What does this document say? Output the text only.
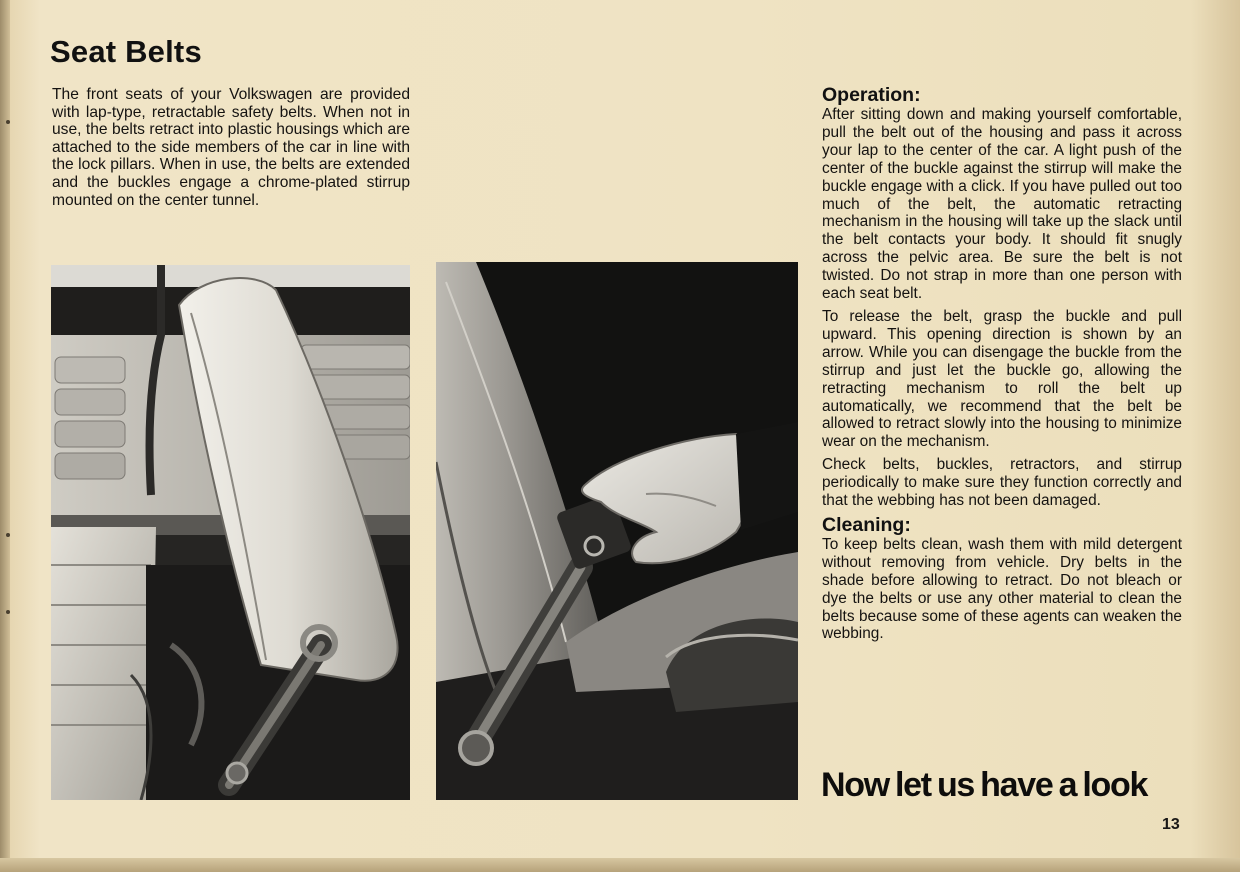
Seat Belts

The front seats of your Volkswagen are provided with lap-type, retractable safety belts. When not in use, the belts retract into plastic housings which are attached to the side members of the car in line with the lock pillars. When in use, the belts are extended and the buckles engage a chrome-plated stirrup mounted on the center tunnel.

Operation:

After sitting down and making yourself comfortable, pull the belt out of the housing and pass it across your lap to the center of the car. A light push of the center of the buckle against the stirrup will make the buckle engage with a click. If you have pulled out too much of the belt, the automatic retracting mechanism in the housing will take up the slack until the belt contacts your body. It should fit snugly across the pelvic area. Be sure the belt is not twisted. Do not strap in more than one person with each seat belt.

To release the belt, grasp the buckle and pull upward. This opening direction is shown by an arrow. While you can disengage the buckle from the stirrup and just let the buckle go, allowing the retracting mechanism to roll the belt up automatically, we recommend that the belt be allowed to retract slowly into the housing to minimize wear on the mechanism.

Check belts, buckles, retractors, and stirrup periodically to make sure they function correctly and that the webbing has not been damaged.

Cleaning:

To keep belts clean, wash them with mild detergent without removing from vehicle. Dry belts in the shade before allowing to retract. Do not bleach or dye the belts or use any other material to clean the belts because some of these agents can weaken the webbing.

Now let us have a look

13
